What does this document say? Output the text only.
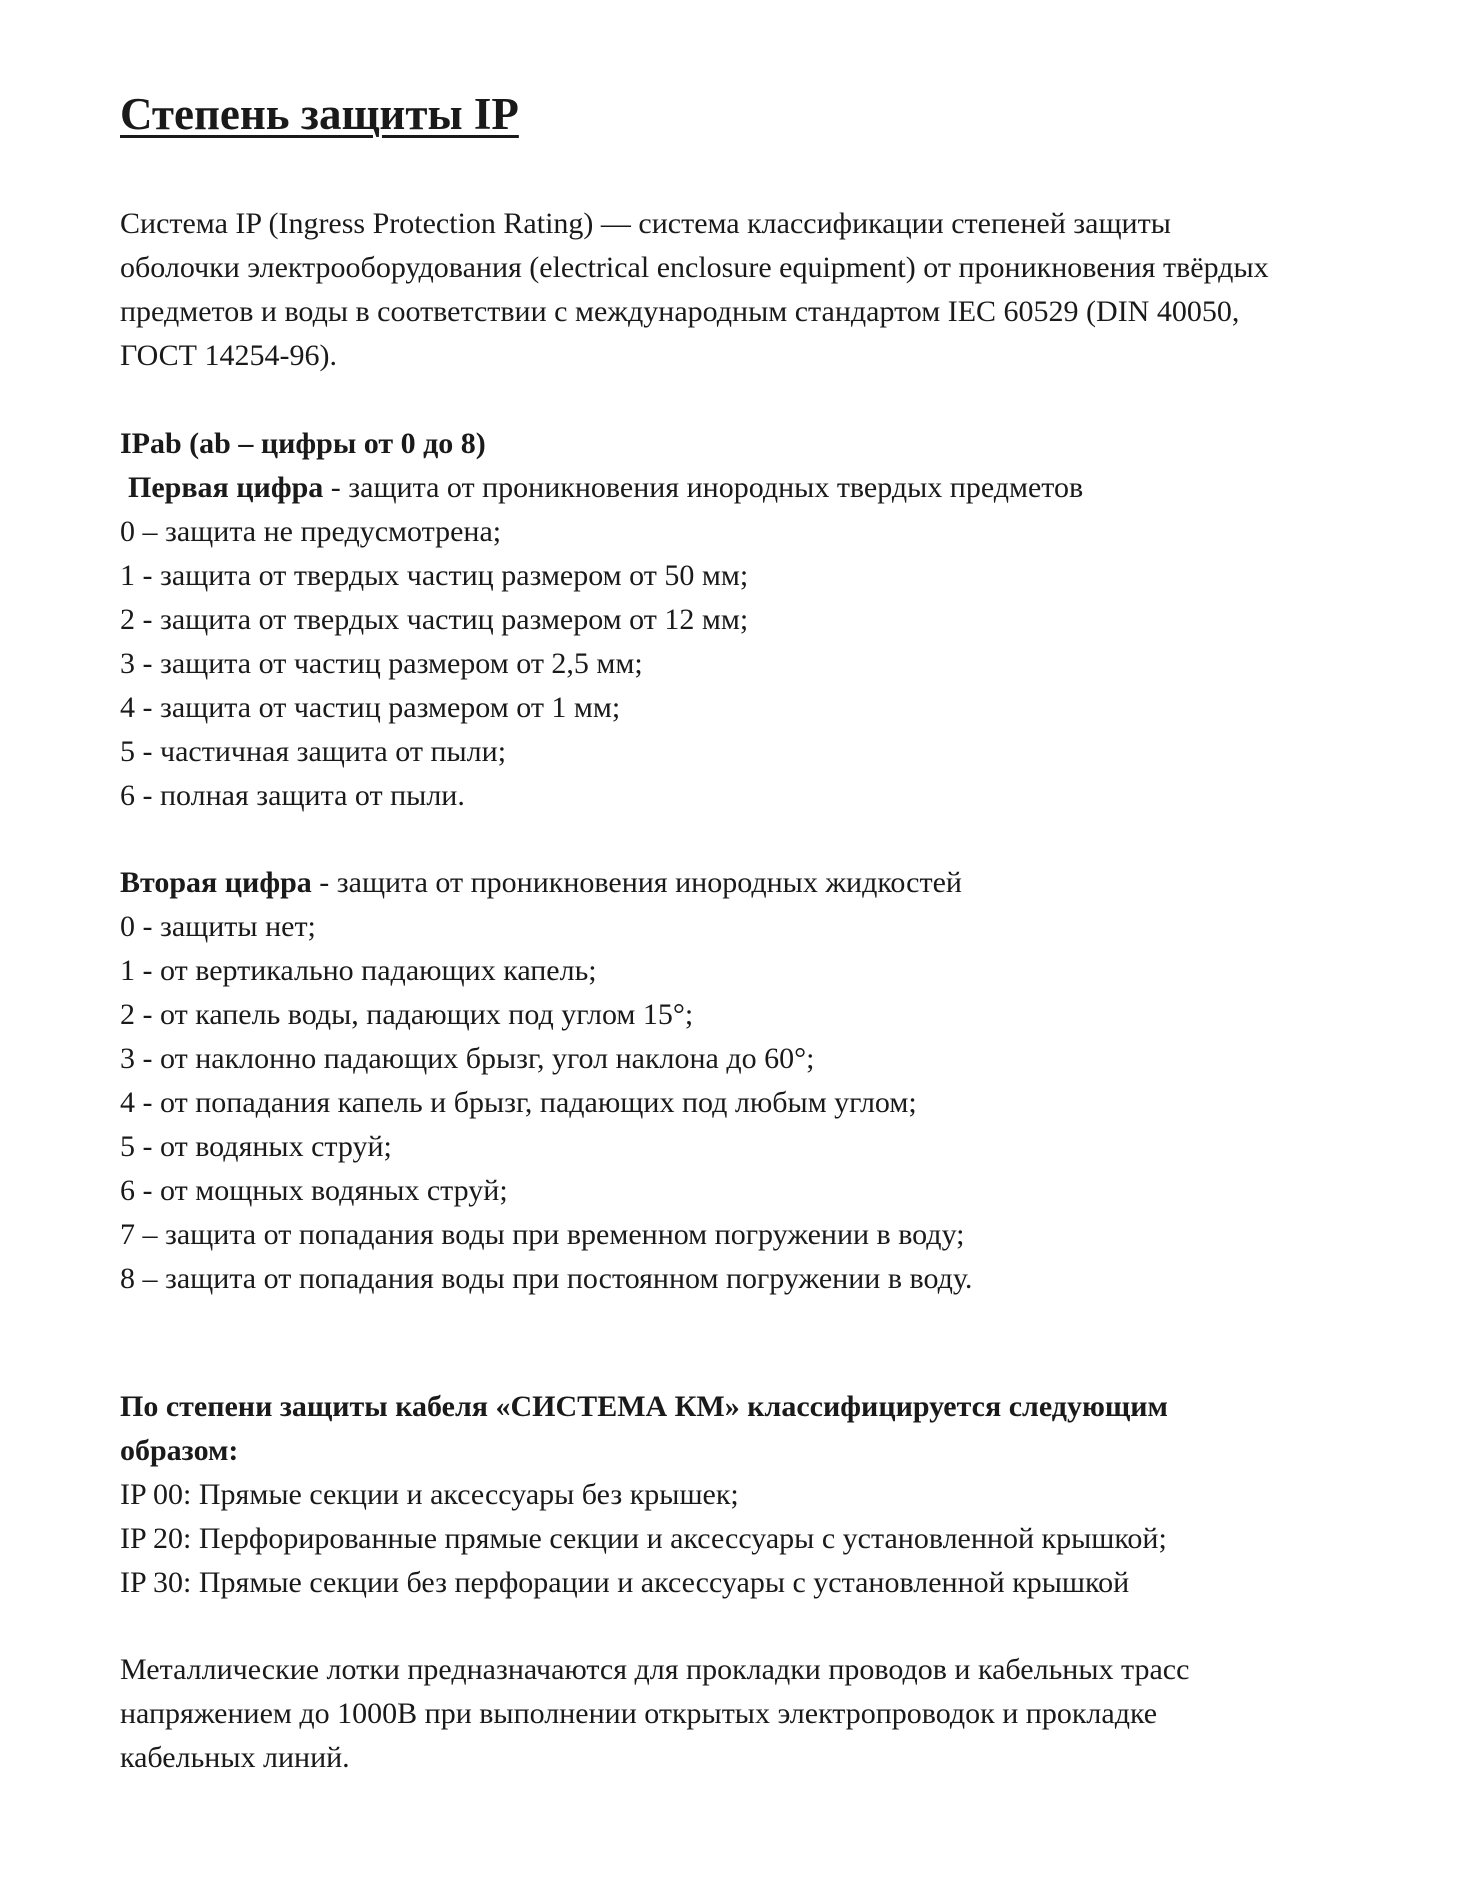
Степень защиты IP

Система IP (Ingress Protection Rating) — система классификации степеней защиты
оболочки электрооборудования (electrical enclosure equipment) от проникновения твёрдых
предметов и воды в соответствии с международным стандартом IEC 60529 (DIN 40050,
ГОСТ 14254-96).

IPab (ab – цифры от 0 до 8)
Первая цифра - защита от проникновения инородных твердых предметов
0 – защита не предусмотрена;
1 - защита от твердых частиц размером от 50 мм;
2 - защита от твердых частиц размером от 12 мм;
3 - защита от частиц размером от 2,5 мм;
4 - защита от частиц размером от 1 мм;
5 - частичная защита от пыли;
6 - полная защита от пыли.
Вторая цифра - защита от проникновения инородных жидкостей
0 - защиты нет;
1 - от вертикально падающих капель;
2 - от капель воды, падающих под углом 15°;
3 - от наклонно падающих брызг, угол наклона до 60°;
4 - от попадания капель и брызг, падающих под любым углом;
5 - от водяных струй;
6 - от мощных водяных струй;
7 – защита от попадания воды при временном погружении в воду;
8 – защита от попадания воды при постоянном погружении в воду.
По степени защиты кабеля «СИСТЕМА КМ» классифицируется следующим
образом:
IP 00: Прямые секции и аксессуары без крышек;
IP 20: Перфорированные прямые секции и аксессуары с установленной крышкой;
IP 30: Прямые секции без перфорации и аксессуары с установленной крышкой

Металлические лотки предназначаются для прокладки проводов и кабельных трасс
напряжением до 1000В при выполнении открытых электропроводок и прокладке
кабельных линий.
